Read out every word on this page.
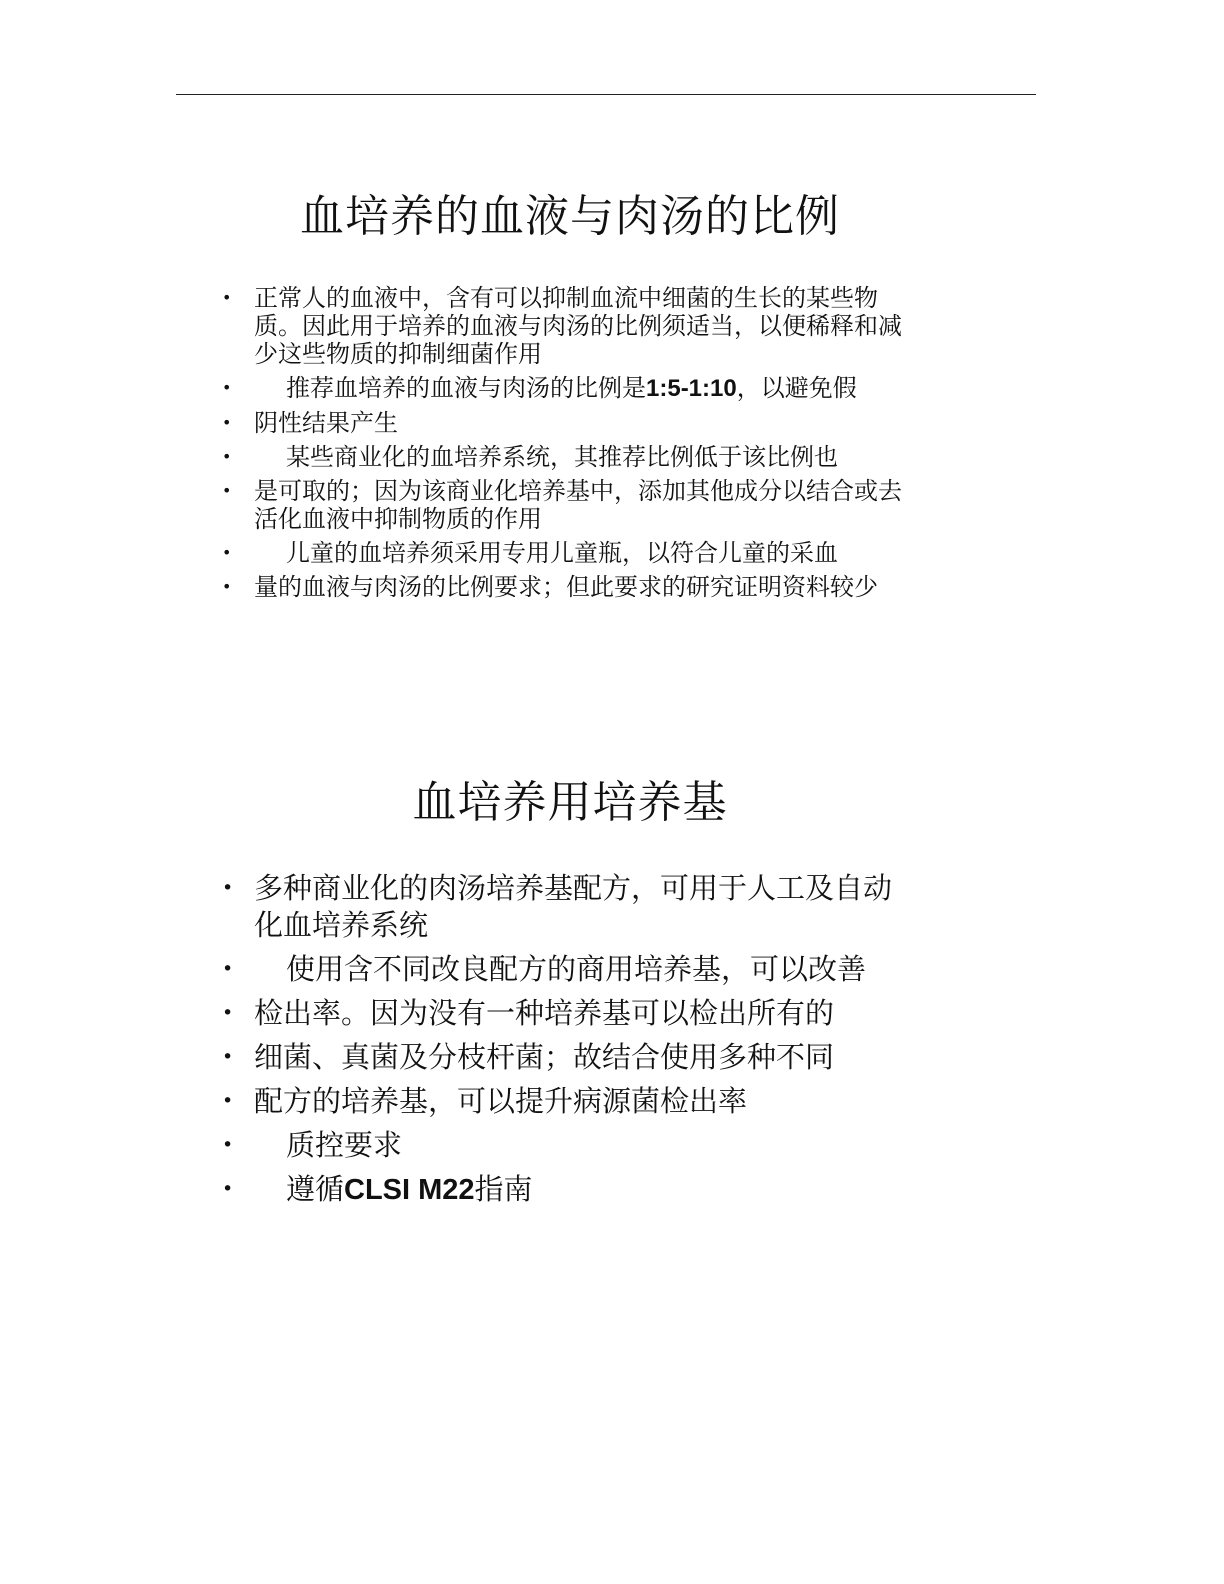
血培养的血液与肉汤的比例
• 正常人的血液中，含有可以抑制血流中细菌的生长的某些物质。因此用于培养的血液与肉汤的比例须适当，以便稀释和减少这些物质的抑制细菌作用
• 推荐血培养的血液与肉汤的比例是1:5-1:10，以避免假
• 阴性结果产生
• 某些商业化的血培养系统，其推荐比例低于该比例也
• 是可取的；因为该商业化培养基中，添加其他成分以结合或去活化血液中抑制物质的作用
• 儿童的血培养须采用专用儿童瓶，以符合儿童的采血
• 量的血液与肉汤的比例要求；但此要求的研究证明资料较少
血培养用培养基
• 多种商业化的肉汤培养基配方，可用于人工及自动化血培养系统
• 使用含不同改良配方的商用培养基，可以改善
• 检出率。因为没有一种培养基可以检出所有的
• 细菌、真菌及分枝杆菌；故结合使用多种不同
• 配方的培养基，可以提升病源菌检出率
• 质控要求
• 遵循CLSI M22指南
